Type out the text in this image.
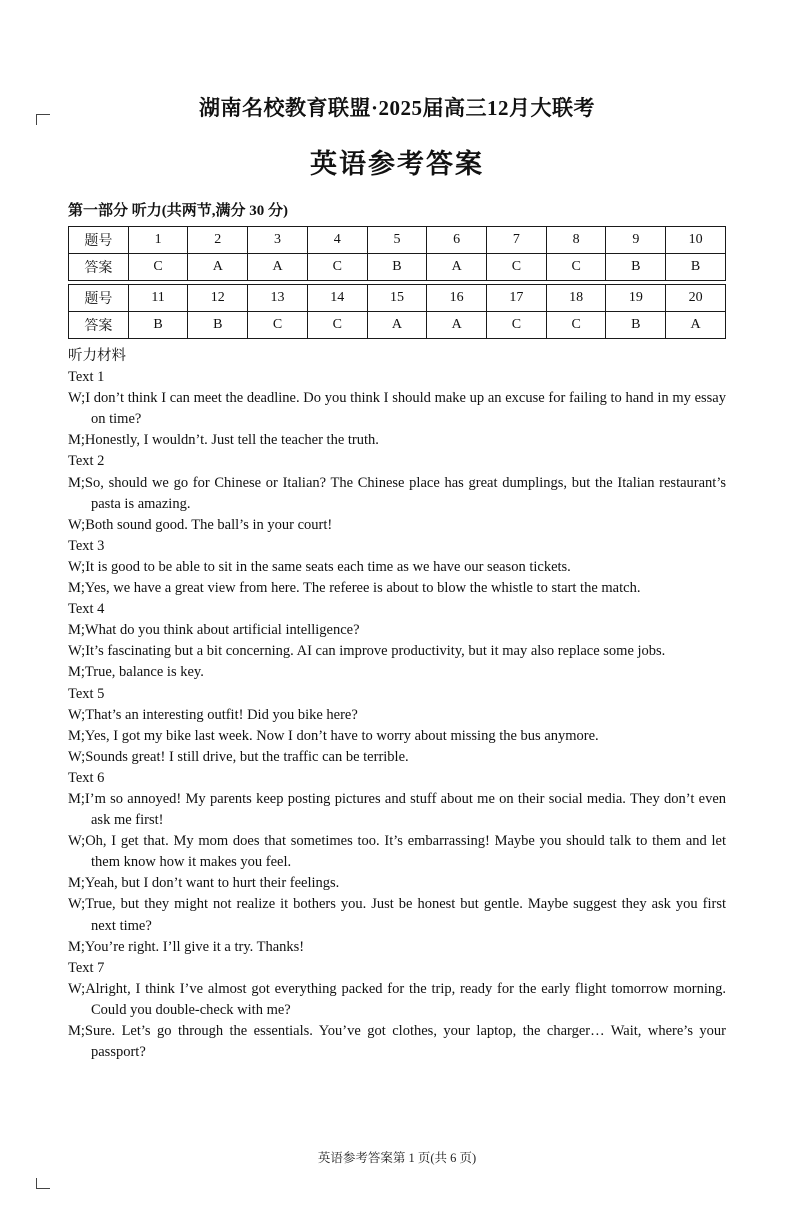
湖南名校教育联盟·2025届高三12月大联考
英语参考答案
第一部分 听力(共两节,满分 30 分)
题号	1	2	3	4	5	6	7	8	9	10
答案	C	A	A	C	B	A	C	C	B	B
题号	11	12	13	14	15	16	17	18	19	20
答案	B	B	C	C	A	A	C	C	B	A
听力材料
Text 1
W;I don’t think I can meet the deadline. Do you think I should make up an excuse for failing to hand in my essay on time?
M;Honestly, I wouldn’t. Just tell the teacher the truth.
Text 2
M;So, should we go for Chinese or Italian? The Chinese place has great dumplings, but the Italian restaurant’s pasta is amazing.
W;Both sound good. The ball’s in your court!
Text 3
W;It is good to be able to sit in the same seats each time as we have our season tickets.
M;Yes, we have a great view from here. The referee is about to blow the whistle to start the match.
Text 4
M;What do you think about artificial intelligence?
W;It’s fascinating but a bit concerning. AI can improve productivity, but it may also replace some jobs.
M;True, balance is key.
Text 5
W;That’s an interesting outfit! Did you bike here?
M;Yes, I got my bike last week. Now I don’t have to worry about missing the bus anymore.
W;Sounds great! I still drive, but the traffic can be terrible.
Text 6
M;I’m so annoyed! My parents keep posting pictures and stuff about me on their social media. They don’t even ask me first!
W;Oh, I get that. My mom does that sometimes too. It’s embarrassing! Maybe you should talk to them and let them know how it makes you feel.
M;Yeah, but I don’t want to hurt their feelings.
W;True, but they might not realize it bothers you. Just be honest but gentle. Maybe suggest they ask you first next time?
M;You’re right. I’ll give it a try. Thanks!
Text 7
W;Alright, I think I’ve almost got everything packed for the trip, ready for the early flight tomorrow morning. Could you double-check with me?
M;Sure. Let’s go through the essentials. You’ve got clothes, your laptop, the charger… Wait, where’s your passport?
英语参考答案第 1 页(共 6 页)
